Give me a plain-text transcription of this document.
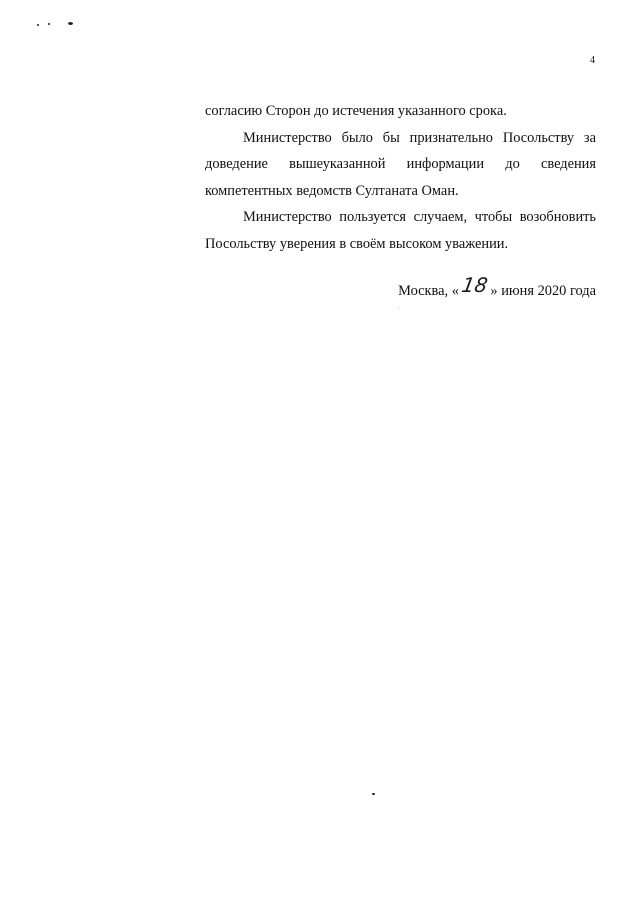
4

согласию Сторон до истечения указанного срока.

Министерство было бы признательно Посольству за доведение вышеуказанной информации до сведения компетентных ведомств Султаната Оман.

Министерство пользуется случаем, чтобы возобновить Посольству уверения в своём высоком уважении.

Москва, «18» июня 2020 года
